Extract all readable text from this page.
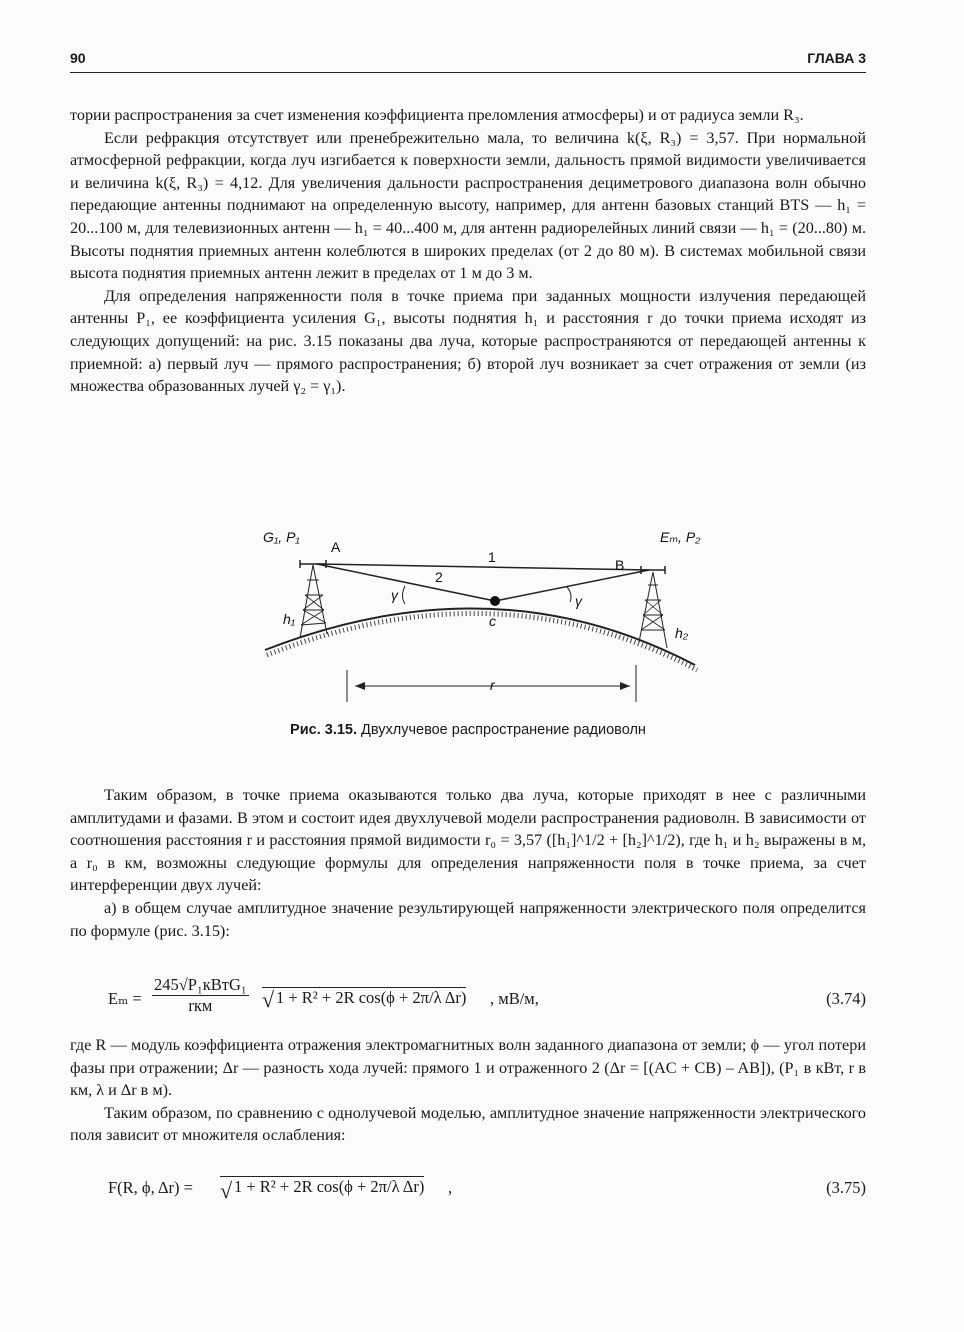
90	ГЛАВА 3

тории распространения за счет изменения коэффициента преломления атмосферы) и от радиуса земли R₃.

Если рефракция отсутствует или пренебрежительно мала, то величина k(ξ, R₃) = 3,57. При нормальной атмосферной рефракции, когда луч изгибается к поверхности земли, дальность прямой видимости увеличивается и величина k(ξ, R₃) = 4,12. Для увеличения дальности распространения дециметрового диапазона волн обычно передающие антенны поднимают на определенную высоту, например, для антенн базовых станций BTS — h₁ = 20...100 м, для телевизионных антенн — h₁ = 40...400 м, для антенн радиорелейных линий связи — h₁ = (20...80) м. Высоты поднятия приемных антенн колеблются в широких пределах (от 2 до 80 м). В системах мобильной связи высота поднятия приемных антенн лежит в пределах от 1 м до 3 м.

Для определения напряженности поля в точке приема при заданных мощности излучения передающей антенны P₁, ее коэффициента усиления G₁, высоты поднятия h₁ и расстояния r до точки приема исходят из следующих допущений: на рис. 3.15 показаны два луча, которые распространяются от передающей антенны к приемной: а) первый луч — прямого распространения; б) второй луч возникает за счет отражения от земли (из множества образованных лучей γ₂ = γ₁).

G₁, P₁
A
1
2
γ	γ
c
h₁
h₂
r
Eₘ, P₂
B
Рис. 3.15. Двухлучевое распространение радиоволн

Таким образом, в точке приема оказываются только два луча, которые приходят в нее с различными амплитудами и фазами. В этом и состоит идея двухлучевой модели распространения радиоволн. В зависимости от соотношения расстояния r и расстояния прямой видимости r₀ = 3,57 ([h₁]^1/2 + [h₂]^1/2), где h₁ и h₂ выражены в м, а r₀ в км, возможны следующие формулы для определения напряженности поля в точке приема, за счет интерференции двух лучей:

а) в общем случае амплитудное значение результирующей напряженности электрического поля определится по формуле (рис. 3.15):

Eₘ =
245√P₁кВтG₁
rкм	1 + R² + 2R cos(ϕ + 2π/λ Δr)
√	, мВ/м,	(3.74)

где R — модуль коэффициента отражения электромагнитных волн заданного диапазона от земли; ϕ — угол потери фазы при отражении; Δr — разность хода лучей: прямого 1 и отраженного 2 (Δr = [(AC + CB) – AB]), (P₁ в кВт, r в км, λ и Δr в м).

Таким образом, по сравнению с однолучевой моделью, амплитудное значение напряженности электрического поля зависит от множителя ослабления:

F(R, ϕ, Δr) = √ 1 + R² + 2R cos(ϕ + 2π/λ Δr) ,	(3.75)
